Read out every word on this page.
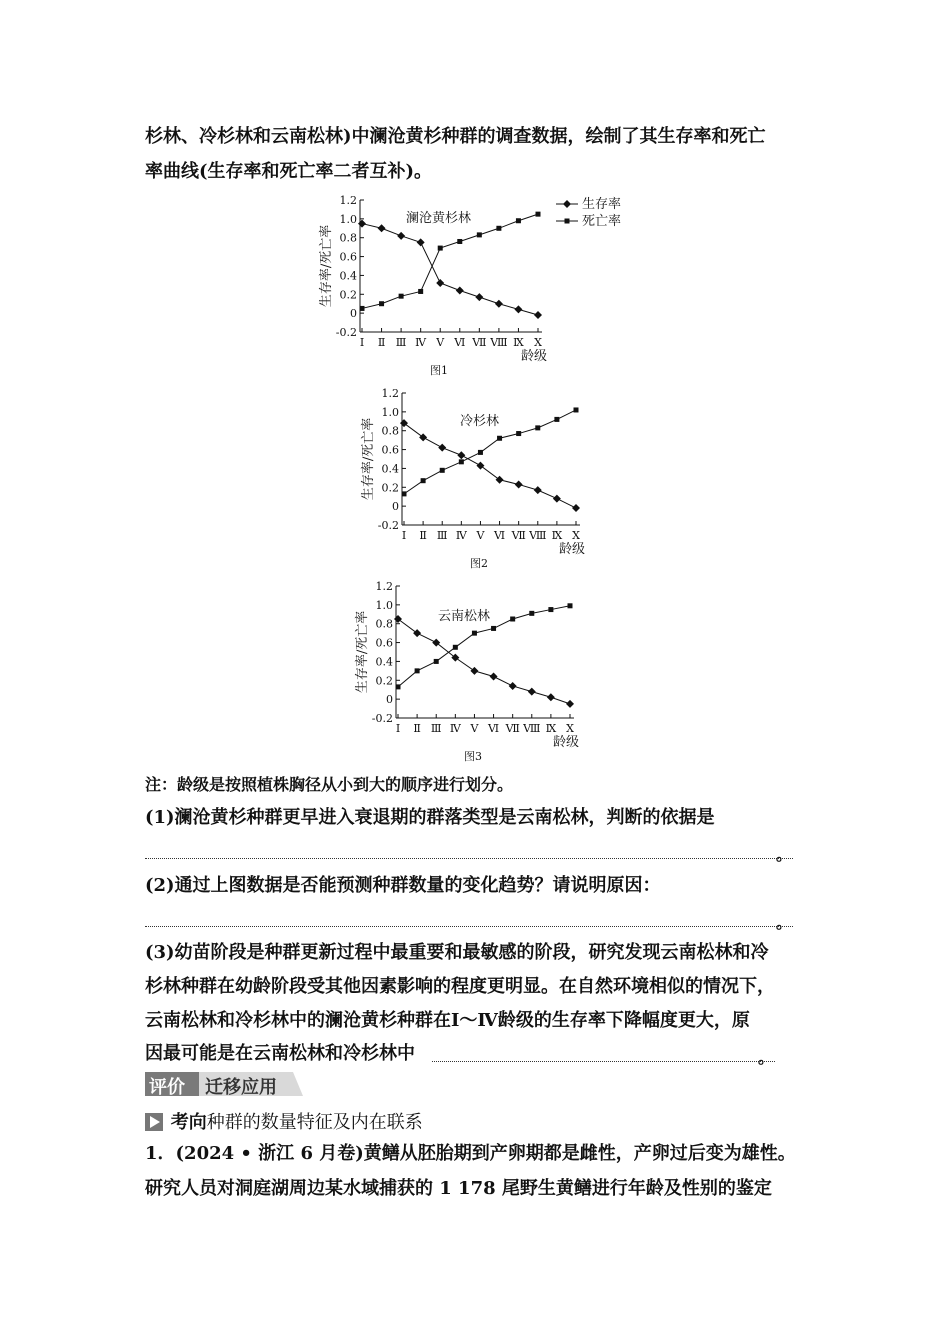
杉林、冷杉林和云南松林)中澜沧黄杉种群的调查数据，绘制了其生存率和死亡
率曲线(生存率和死亡率二者互补)。
1.2
1.0
0.8
0.6
0.4
0.2
0
-0.2
Ⅰ Ⅱ Ⅲ Ⅳ Ⅴ Ⅵ Ⅶ Ⅷ Ⅸ Ⅹ
生存率/死亡率
龄级
澜沧黄杉林
图1
生存率
死亡率
1.2
1.0
0.8
0.6
0.4
0.2
0
-0.2
Ⅰ Ⅱ Ⅲ Ⅳ Ⅴ Ⅵ Ⅶ Ⅷ Ⅸ Ⅹ
生存率/死亡率
龄级
冷杉林
图2
1.2
1.0
0.8
0.6
0.4
0.2
0
-0.2
Ⅰ Ⅱ Ⅲ Ⅳ Ⅴ Ⅵ Ⅶ Ⅷ Ⅸ Ⅹ
生存率/死亡率
龄级
云南松林
图3
注：龄级是按照植株胸径从小到大的顺序进行划分。
(1)澜沧黄杉种群更早进入衰退期的群落类型是云南松林，判断的依据是
。
(2)通过上图数据是否能预测种群数量的变化趋势？请说明原因：
。
(3)幼苗阶段是种群更新过程中最重要和最敏感的阶段，研究发现云南松林和冷
杉林种群在幼龄阶段受其他因素影响的程度更明显。在自然环境相似的情况下，
云南松林和冷杉林中的澜沧黄杉种群在Ⅰ～Ⅳ龄级的生存率下降幅度更大，原
因最可能是在云南松林和冷杉林中	。
评价 迁移应用
考向种群的数量特征及内在联系
1．(2024 • 浙江 6 月卷)黄鳝从胚胎期到产卵期都是雌性，产卵过后变为雄性。
研究人员对洞庭湖周边某水域捕获的 1 178 尾野生黄鳝进行年龄及性别的鉴定
